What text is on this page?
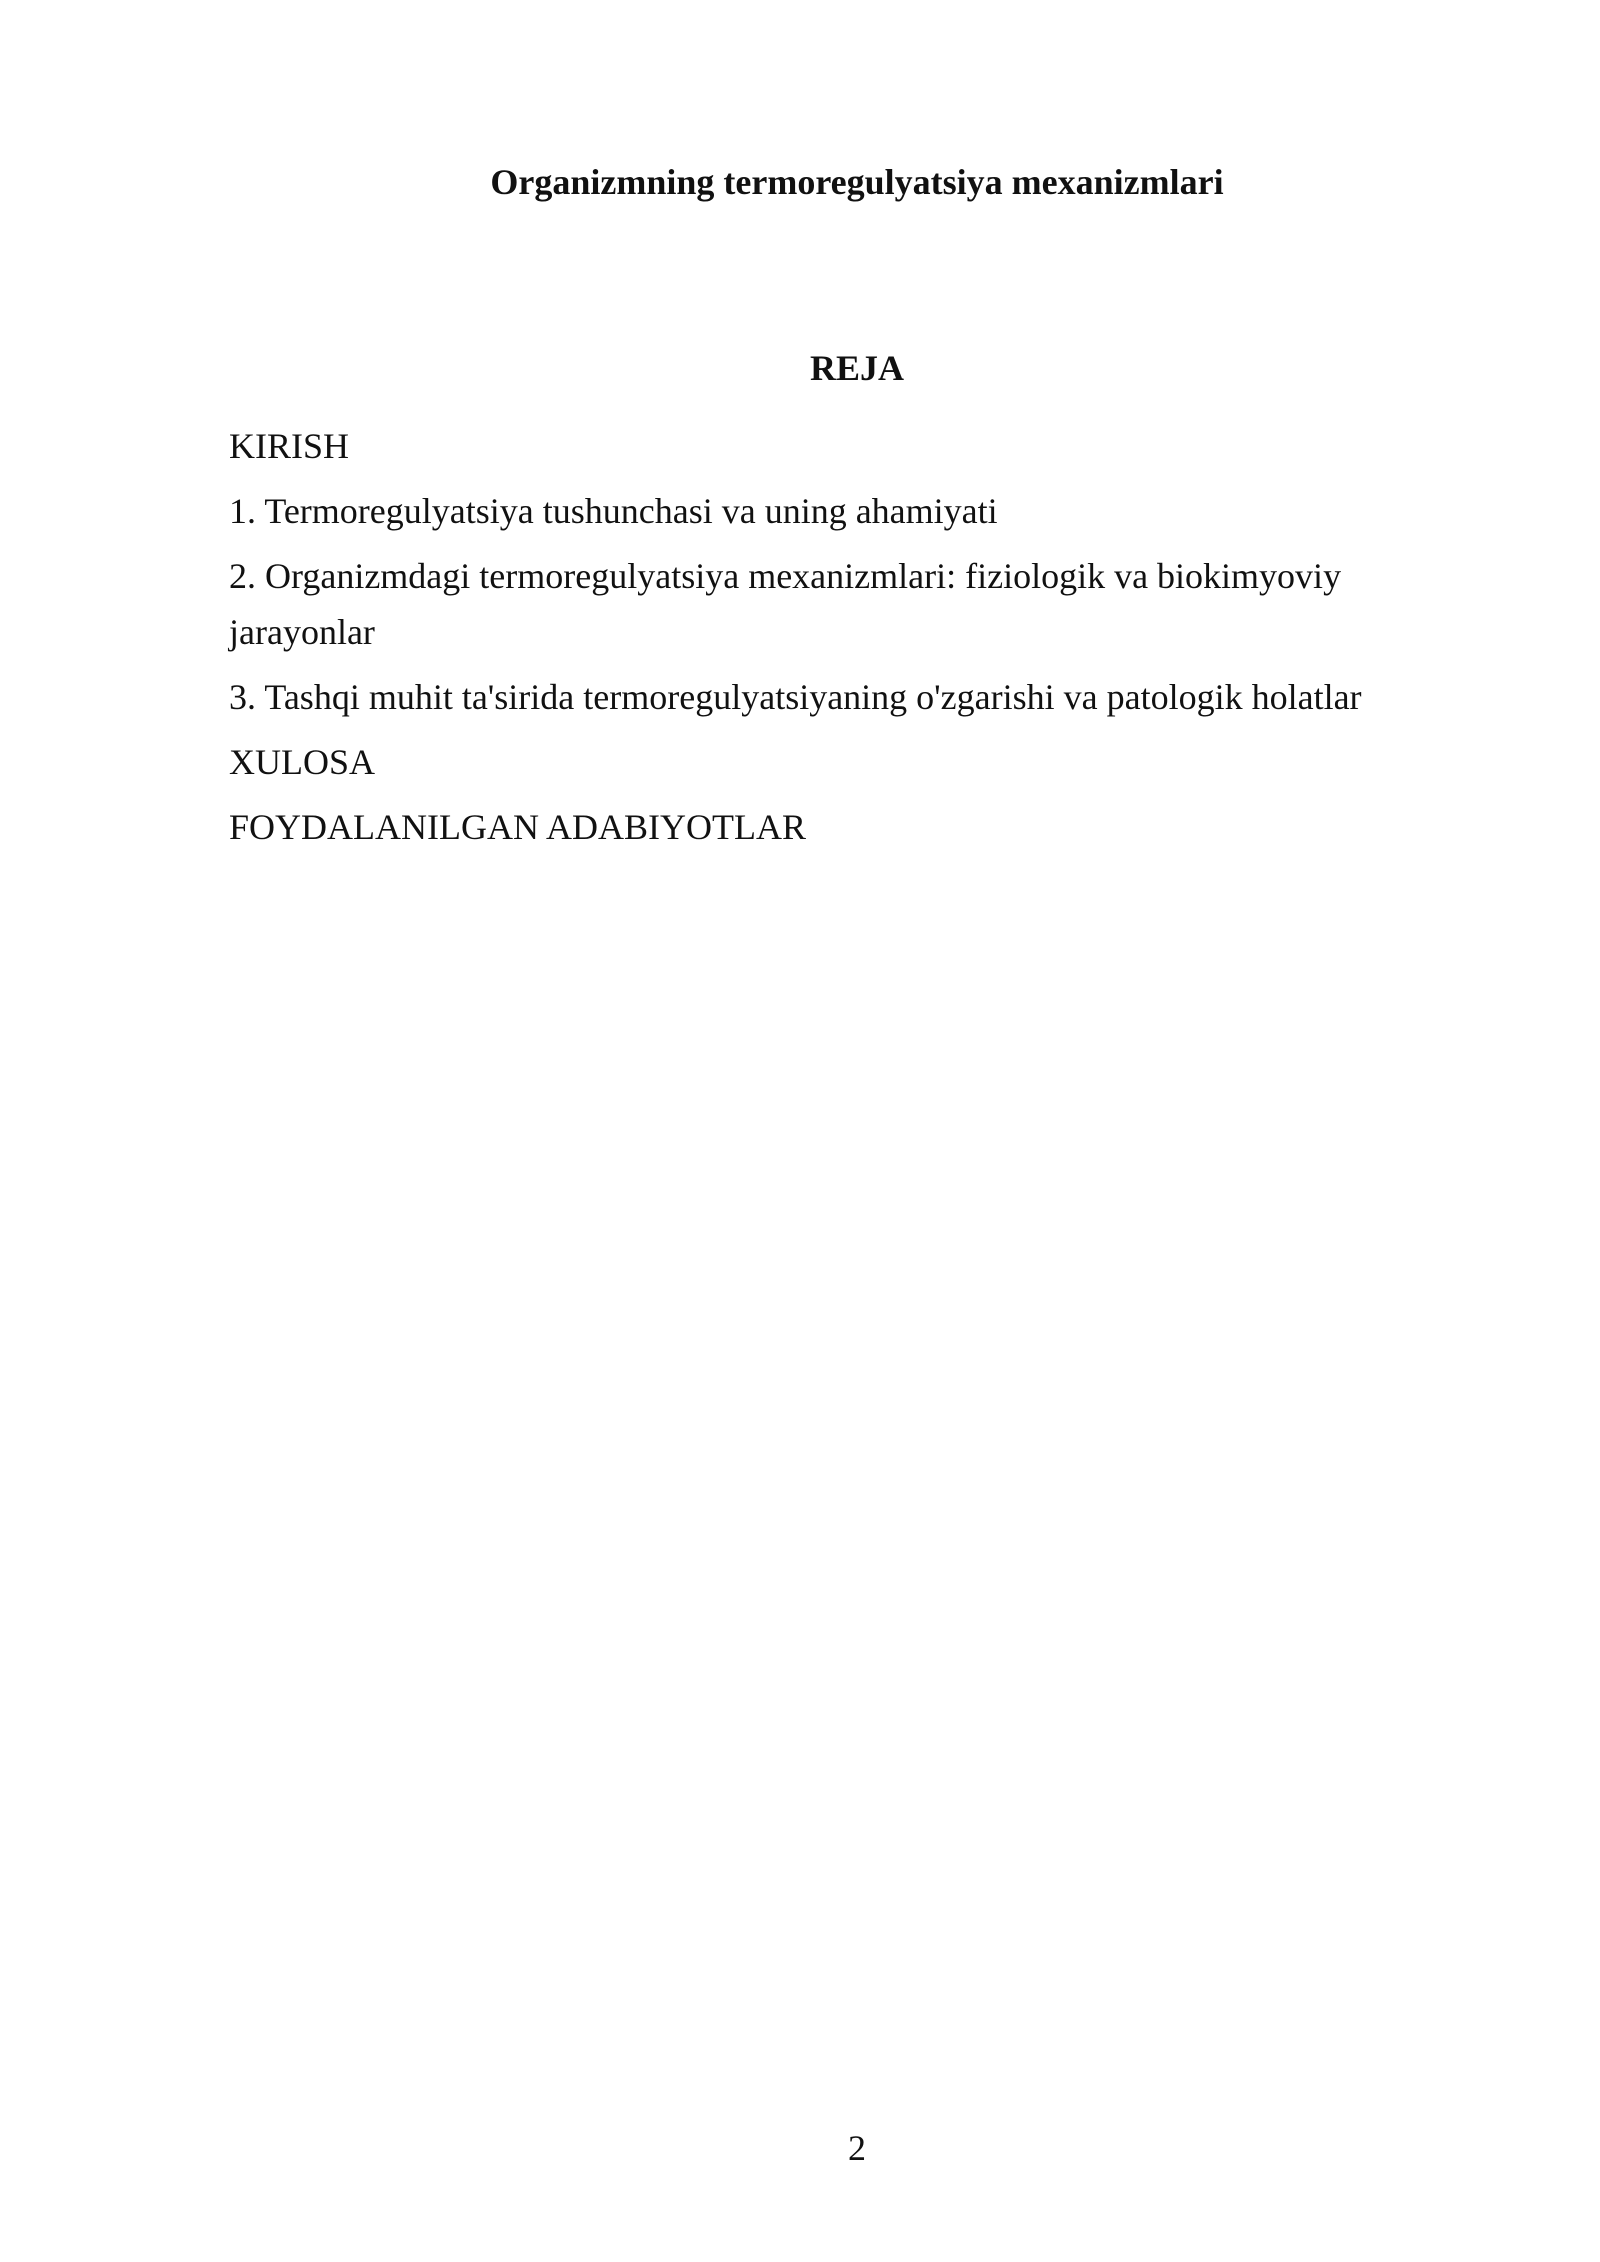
Organizmning termoregulyatsiya mexanizmlari
REJA
KIRISH
1. Termoregulyatsiya tushunchasi va uning ahamiyati
2. Organizmdagi termoregulyatsiya mexanizmlari: fiziologik va biokimyoviy jarayonlar
3. Tashqi muhit ta'sirida termoregulyatsiyaning o'zgarishi va patologik holatlar
XULOSA
FOYDALANILGAN ADABIYOTLAR
2
